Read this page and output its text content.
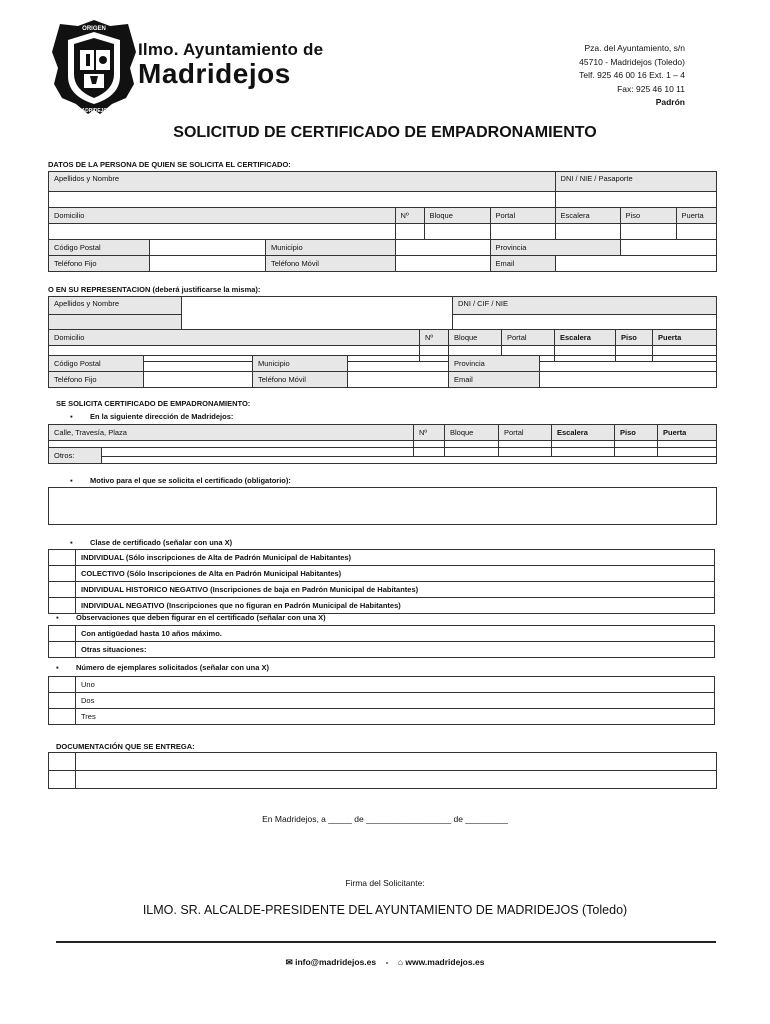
ORIGEN
MADRIDEJOS
Ilmo. Ayuntamiento de
Madridejos
Pza. del Ayuntamiento, s/n
45710 - Madridejos (Toledo)
Telf. 925 46 00 16 Ext. 1 – 4
Fax: 925 46 10 11
Padrón
SOLICITUD DE CERTIFICADO DE EMPADRONAMIENTO
DATOS DE LA PERSONA DE QUIEN SE SOLICITA EL CERTIFICADO:
Apellidos y Nombre						DNI / NIE / Pasaporte		

Domicilio			Nº	Bloque	Portal	Escalera	Piso	Puerta

Código Postal		Municipio			Provincia			
Teléfono Fijo		Teléfono Móvil			Email			
O EN SU REPRESENTACION (deberá justificarse la misma):
Apellidos y Nombre		DNI / CIF / NIE

Domicilio	Nº	Bloque	Portal	Escalera	Piso	Puerta

Código Postal		Municipio		Provincia	
Teléfono Fijo		Teléfono Móvil		Email	
SE SOLICITA CERTIFICADO DE EMPADRONAMIENTO:
▪ En la siguiente dirección de Madridejos:
Calle, Travesía, Plaza	Nº	Bloque	Portal	Escalera	Piso	Puerta

Otros:	
▪ Motivo para el que se solicita el certificado (obligatorio):
▪ Clase de certificado (señalar con una X)
	INDIVIDUAL (Sólo inscripciones de Alta de Padrón Municipal de Habitantes)
	COLECTIVO (Sólo Inscripciones de Alta en Padrón Municipal Habitantes)
	INDIVIDUAL HISTORICO NEGATIVO (Inscripciones de baja en Padrón Municipal de Habitantes)
	INDIVIDUAL NEGATIVO (Inscripciones que no figuran en Padrón Municipal de Habitantes)
▪ Observaciones que deben figurar en el certificado (señalar con una X)
	Con antigüedad hasta 10 años máximo.
	Otras situaciones:
▪ Número de ejemplares solicitados (señalar con una X)
	Uno
	Dos
	Tres
DOCUMENTACIÓN QUE SE ENTREGA:

En Madridejos, a _____ de __________________ de _________
Firma del Solicitante:
ILMO. SR. ALCALDE-PRESIDENTE DEL AYUNTAMIENTO DE MADRIDEJOS (Toledo)
✉ info@madridejos.es - ⌂ www.madridejos.es
